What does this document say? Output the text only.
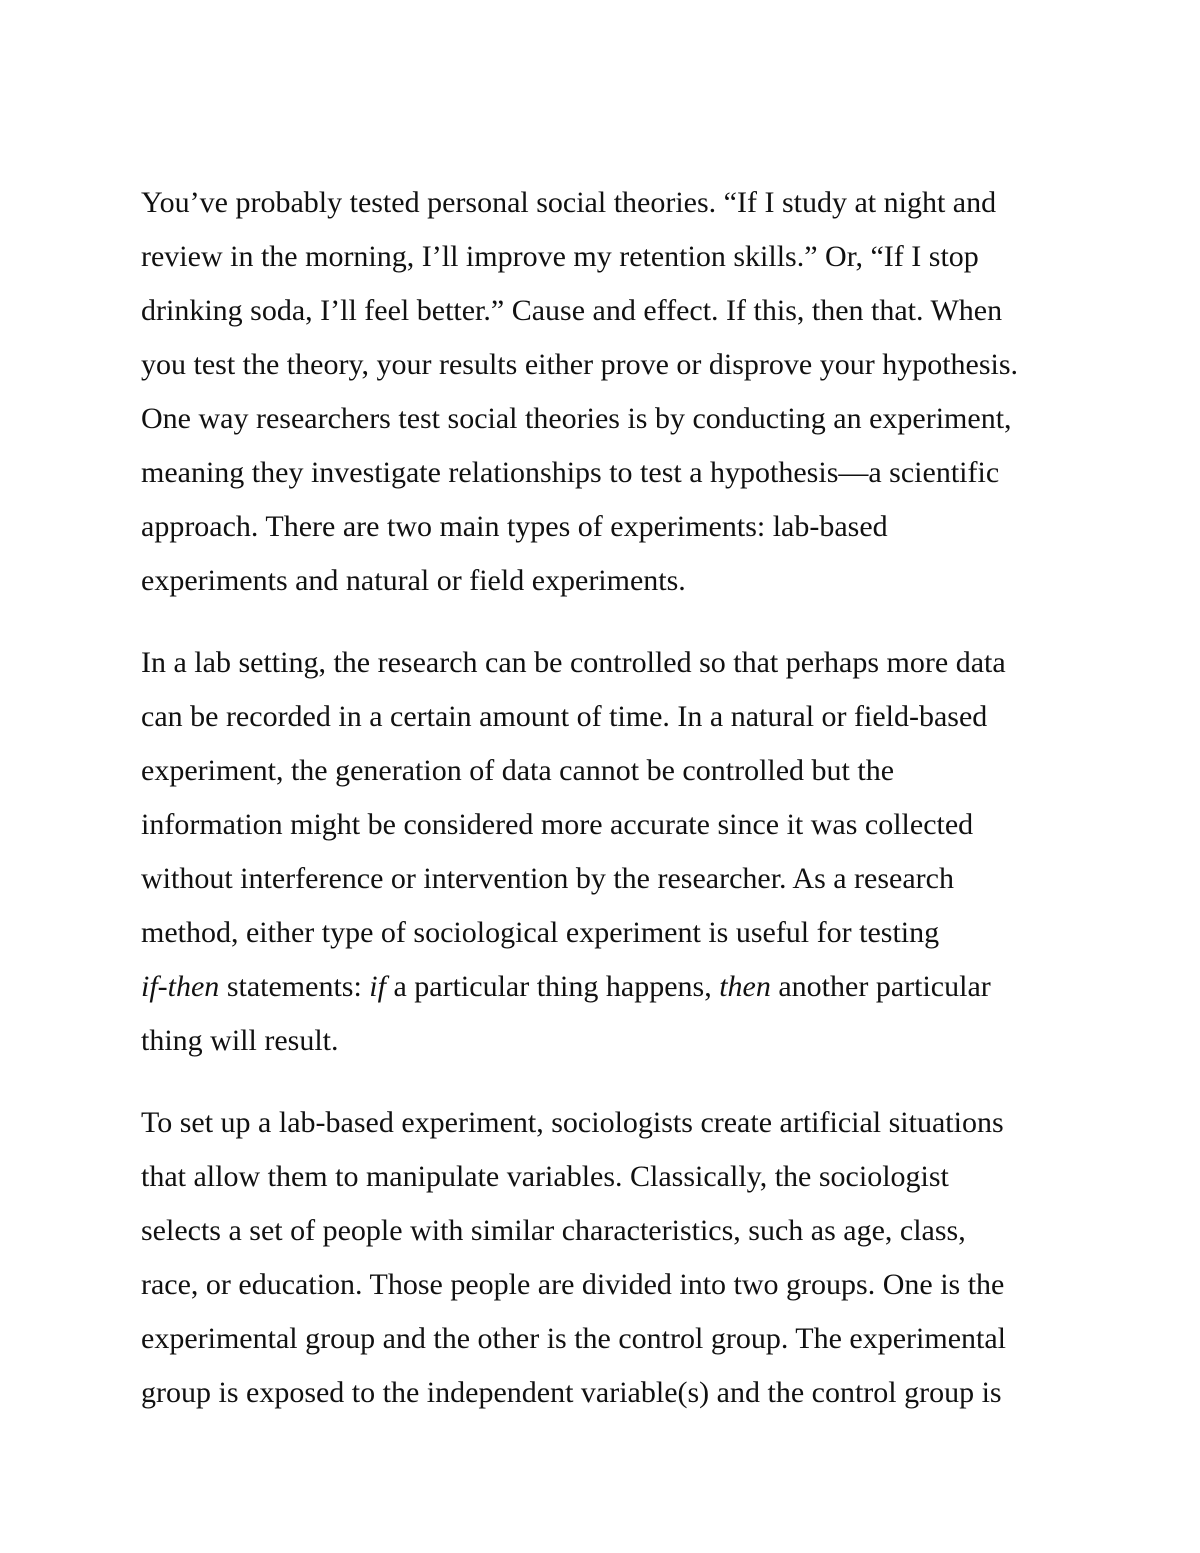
You’ve probably tested personal social theories. “If I study at night and
review in the morning, I’ll improve my retention skills.” Or, “If I stop
drinking soda, I’ll feel better.” Cause and effect. If this, then that. When
you test the theory, your results either prove or disprove your hypothesis.
One way researchers test social theories is by conducting an experiment,
meaning they investigate relationships to test a hypothesis—a scientific
approach. There are two main types of experiments: lab-based
experiments and natural or field experiments.
In a lab setting, the research can be controlled so that perhaps more data
can be recorded in a certain amount of time. In a natural or field-based
experiment, the generation of data cannot be controlled but the
information might be considered more accurate since it was collected
without interference or intervention by the researcher. As a research
method, either type of sociological experiment is useful for testing
if-then statements: if a particular thing happens, then another particular
thing will result.
To set up a lab-based experiment, sociologists create artificial situations
that allow them to manipulate variables. Classically, the sociologist
selects a set of people with similar characteristics, such as age, class,
race, or education. Those people are divided into two groups. One is the
experimental group and the other is the control group. The experimental
group is exposed to the independent variable(s) and the control group is
